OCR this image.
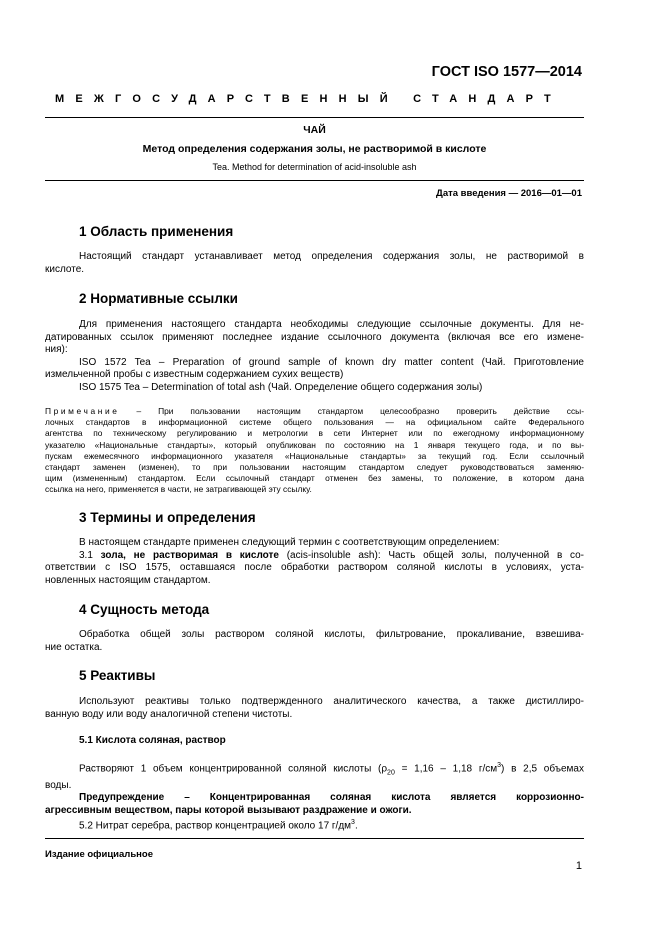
ГОСТ ISO 1577—2014
МЕЖГОСУДАРСТВЕННЫЙ СТАНДАРТ
ЧАЙ
Метод определения содержания золы, не растворимой в кислоте
Tea. Method for determination of acid-insoluble ash
Дата введения — 2016—01—01
1 Область применения
Настоящий стандарт устанавливает метод определения содержания золы, не растворимой в
кислоте.
2 Нормативные ссылки
Для применения настоящего стандарта необходимы следующие ссылочные документы. Для не-
датированных ссылок применяют последнее издание ссылочного документа (включая все его измене-
ния):
ISO 1572 Tea – Preparation of ground sample of known dry matter content (Чай. Приготовление
измельченной пробы с известным содержанием сухих веществ)
ISO 1575 Tea – Determination of total ash (Чай. Определение общего содержания золы)
Примечание – При пользовании настоящим стандартом целесообразно проверить действие ссы-
лочных стандартов в информационной системе общего пользования — на официальном сайте Федерального
агентства по техническому регулированию и метрологии в сети Интернет или по ежегодному информационному
указателю «Национальные стандарты», который опубликован по состоянию на 1 января текущего года, и по вы-
пускам ежемесячного информационного указателя «Национальные стандарты» за текущий год. Если ссылочный
стандарт заменен (изменен), то при пользовании настоящим стандартом следует руководствоваться заменяю-
щим (измененным) стандартом. Если ссылочный стандарт отменен без замены, то положение, в котором дана
ссылка на него, применяется в части, не затрагивающей эту ссылку.
3 Термины и определения
В настоящем стандарте применен следующий термин с соответствующим определением:
3.1 зола, не растворимая в кислоте (acis-insoluble ash): Часть общей золы, полученной в со-
ответствии с ISO 1575, оставшаяся после обработки раствором соляной кислоты в условиях, уста-
новленных настоящим стандартом.
4 Сущность метода
Обработка общей золы раствором соляной кислоты, фильтрование, прокаливание, взвешива-
ние остатка.
5 Реактивы
Используют реактивы только подтвержденного аналитического качества, а также дистиллиро-
ванную воду или воду аналогичной степени чистоты.
5.1 Кислота соляная, раствор
Растворяют 1 объем концентрированной соляной кислоты ($\rho_{20} = 1,16 - 1,18$ $г/см^3$) в 2,5 объемах
воды.
Предупреждение – Концентрированная соляная кислота является коррозионно-
агрессивным веществом, пары которой вызывают раздражение и ожоги.
5.2 Нитрат серебра, раствор концентрацией около 17 $г/дм^3$.
Издание официальное
1
